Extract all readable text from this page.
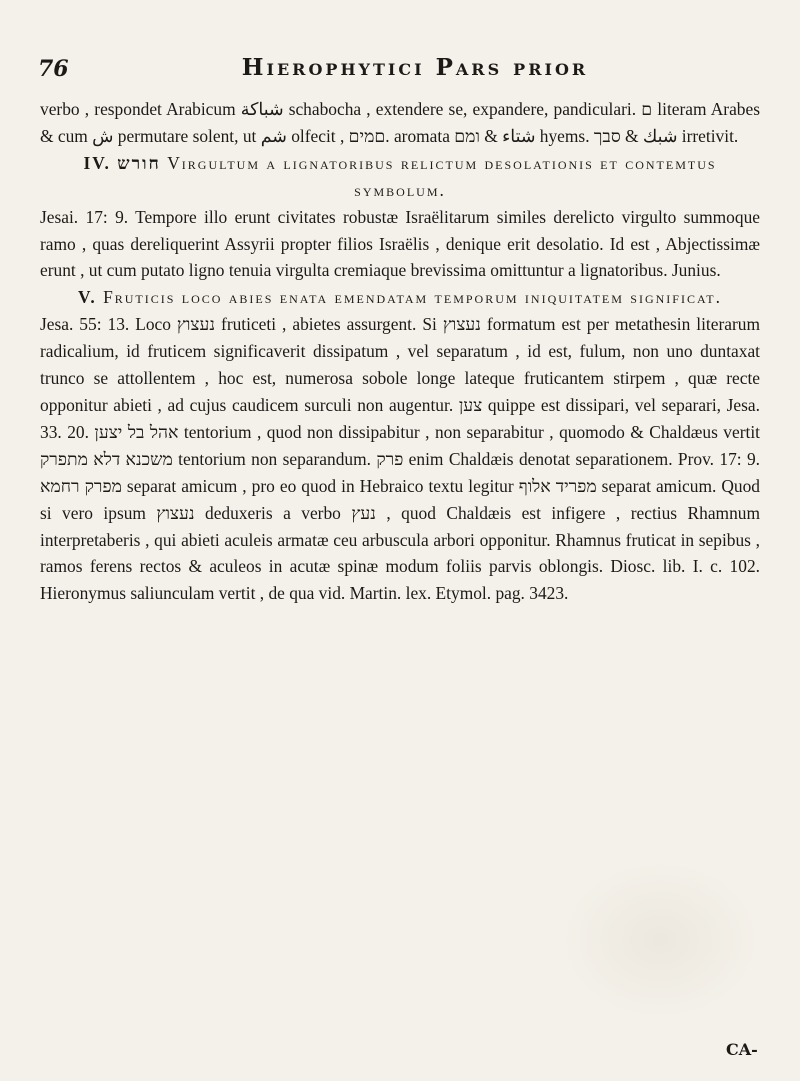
76	Hierophytici Pars prior

verbo , respondet Arabicum ﺷﺒﺎﻛﺔ schabocha , extendere se, expandere, pandiculari. ם literam Arabes & cum ﺵ permutare solent, ut ﺷﻢ olfecit , םמים. aromata ﺷﺘﺎﺀ & ומם hyems. ﺷﺒﻚ & סבך irretivit.

IV. חורש Virgultum a lignatoribus relictum desolationis et contemtus symbolum.

Jesai. 17: 9. Tempore illo erunt civitates robustæ Israëlitarum similes derelicto virgulto summoque ramo , quas dereliquerint Assyrii propter filios Israëlis , denique erit desolatio. Id est , Abjectissimæ erunt , ut cum putato ligno tenuia virgulta cremiaque brevissima omittuntur a lignatoribus. Junius.

V. Fruticis loco abies enata emendatam temporum iniquitatem significat.

Jesa. 55: 13. Loco נעצוץ fruticeti , abietes assurgent. Si נעצוץ formatum est per metathesin literarum radicalium, id fruticem significaverit dissipatum , vel separatum , id est, fulum, non uno duntaxat trunco se attollentem , hoc est, numerosa sobole longe lateque fruticantem stirpem , quæ recte opponitur abieti , ad cujus caudicem surculi non augentur. צען quippe est dissipari, vel separari, Jesa. 33. 20. אהל בל יצען tentorium , quod non dissipabitur , non separabitur , quomodo & Chaldæus vertit משכנא דלא מתפרק tentorium non separandum. פרק enim Chaldæis denotat separationem. Prov. 17: 9. מפרק רחמא separat amicum , pro eo quod in Hebraico textu legitur מפריד אלוף separat amicum. Quod si vero ipsum נעצוץ deduxeris a verbo נעץ , quod Chaldæis est infigere , rectius Rhamnum interpretaberis , qui abieti aculeis armatæ ceu arbuscula arbori opponitur. Rhamnus fruticat in sepibus , ramos ferens rectos & aculeos in acutæ spinæ modum foliis parvis oblongis. Diosc. lib. I. c. 102. Hieronymus saliunculam vertit , de qua vid. Martin. lex. Etymol. pag. 3423.

CA-
